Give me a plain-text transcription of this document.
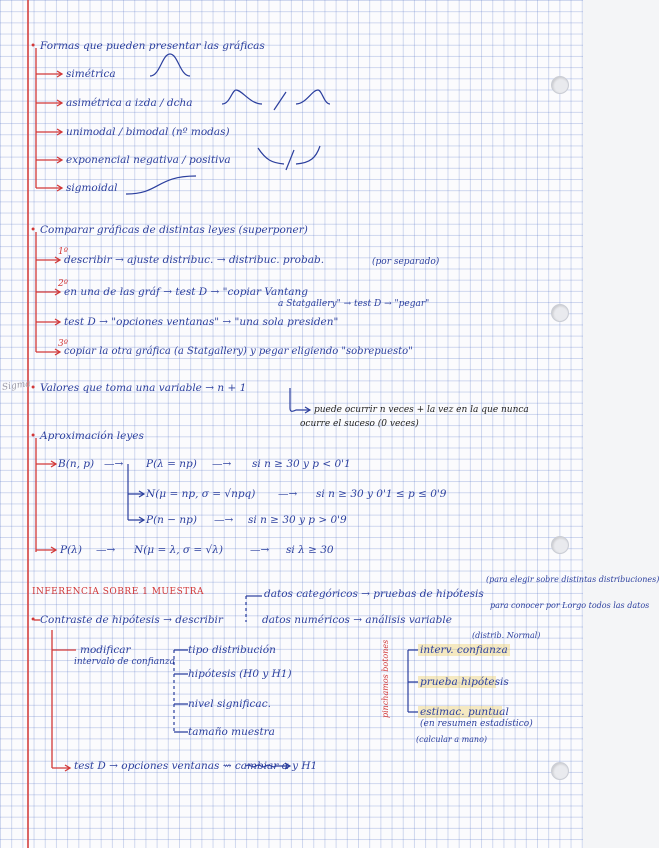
• Formas que pueden presentar las gráficas
simétrica
asimétrica a izda / dcha
unimodal / bimodal (nº modas)
exponencial negativa / positiva
sigmoidal
• Comparar gráficas de distintas leyes (superponer)
1º
describir → ajuste distribuc. → distribuc. probab.	(por separado)
2º
en una de las gráf → test D → "copiar Vantang
a Statgallery" → test D → "pegar"
test D → "opciones ventanas" → "una sola presiden"
3º
copiar la otra gráfica (a Statgallery) y pegar eligiendo "sobrepuesto"
Sigma
• Valores que toma una variable → n + 1
puede ocurrir n veces + la vez en la que nunca
ocurre el suceso (0 veces)
• Aproximación leyes
B(n, p) —→ P(λ = np) —→ si n ≥ 30 y p < 0'1
N(μ = np, σ = √npq) —→ si n ≥ 30 y 0'1 ≤ p ≤ 0'9
P(n − np) —→ si n ≥ 30 y p > 0'9
P(λ) —→ N(μ = λ, σ = √λ)	—→ si λ ≥ 30
INFERENCIA SOBRE 1 MUESTRA	datos categóricos → pruebas de hipótesis
(para elegir sobre distintas distribuciones)
para conocer por Lorgo todos las datos
• Contraste de hipótesis → describir	datos numéricos → análisis variable
(distrib. Normal)
modificar
intervalo de confianza
tipo distribución
hipótesis (H0 y H1)
nivel significac.
tamaño muestra
pinchamos botones	interv. confianza
prueba hipótesis
estimac. puntual
(en resumen estadístico)
(calcular a mano)
test D → opciones ventanas ⇝ cambiar α y H1
